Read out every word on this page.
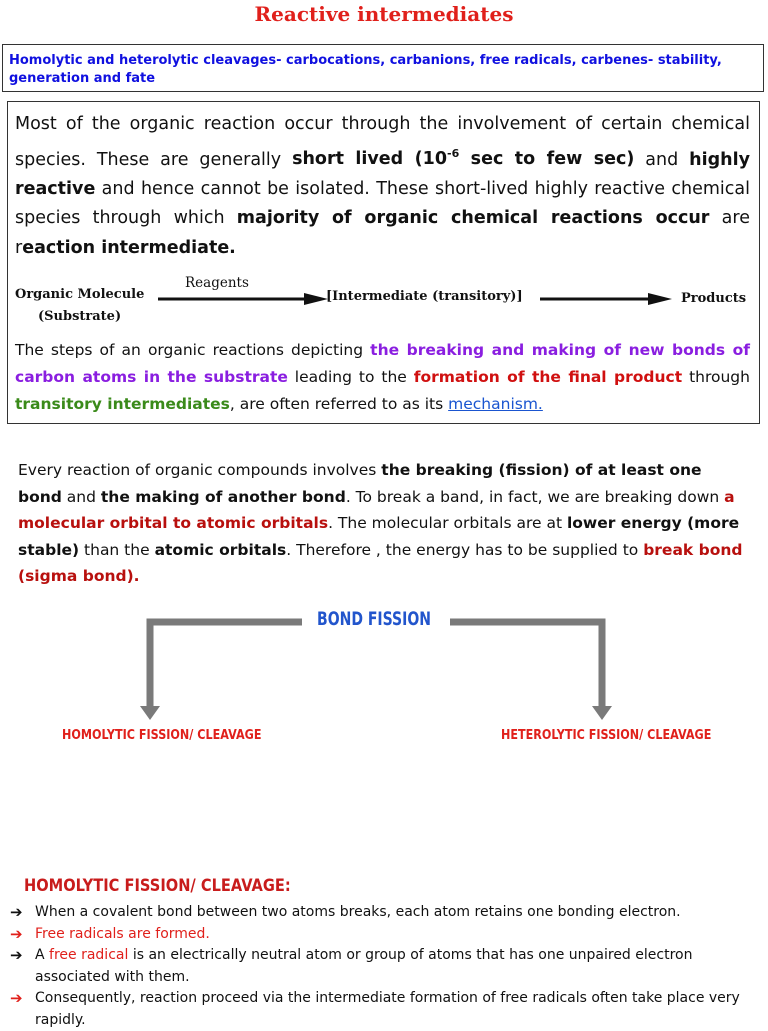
Reactive intermediates
Homolytic and heterolytic cleavages- carbocations, carbanions, free radicals, carbenes- stability, generation and fate
Most of the organic reaction occur through the involvement of certain chemical species. These are generally short lived ($10^{-6}$ sec to few sec) and highly reactive and hence cannot be isolated. These short-lived highly reactive chemical species through which majority of organic chemical reactions occur are reaction intermediate.
Organic Molecule
(Substrate)
Reagents
[Intermediate (transitory)]	Products
The steps of an organic reactions depicting the breaking and making of new bonds of carbon atoms in the substrate leading to the formation of the final product through transitory intermediates, are often referred to as its mechanism.
Every reaction of organic compounds involves the breaking (fission) of at least one bond and the making of another bond. To break a band, in fact, we are breaking down a molecular orbital to atomic orbitals. The molecular orbitals are at lower energy (more stable) than the atomic orbitals. Therefore , the energy has to be supplied to break bond (sigma bond).
BOND FISSION
HOMOLYTIC FISSION/ CLEAVAGE	HETEROLYTIC FISSION/ CLEAVAGE
HOMOLYTIC FISSION/ CLEAVAGE:
➔ When a covalent bond between two atoms breaks, each atom retains one bonding electron.
➔ Free radicals are formed.
➔ A free radical is an electrically neutral atom or group of atoms that has one unpaired electron associated with them.
➔ Consequently, reaction proceed via the intermediate formation of free radicals often take place very rapidly.
